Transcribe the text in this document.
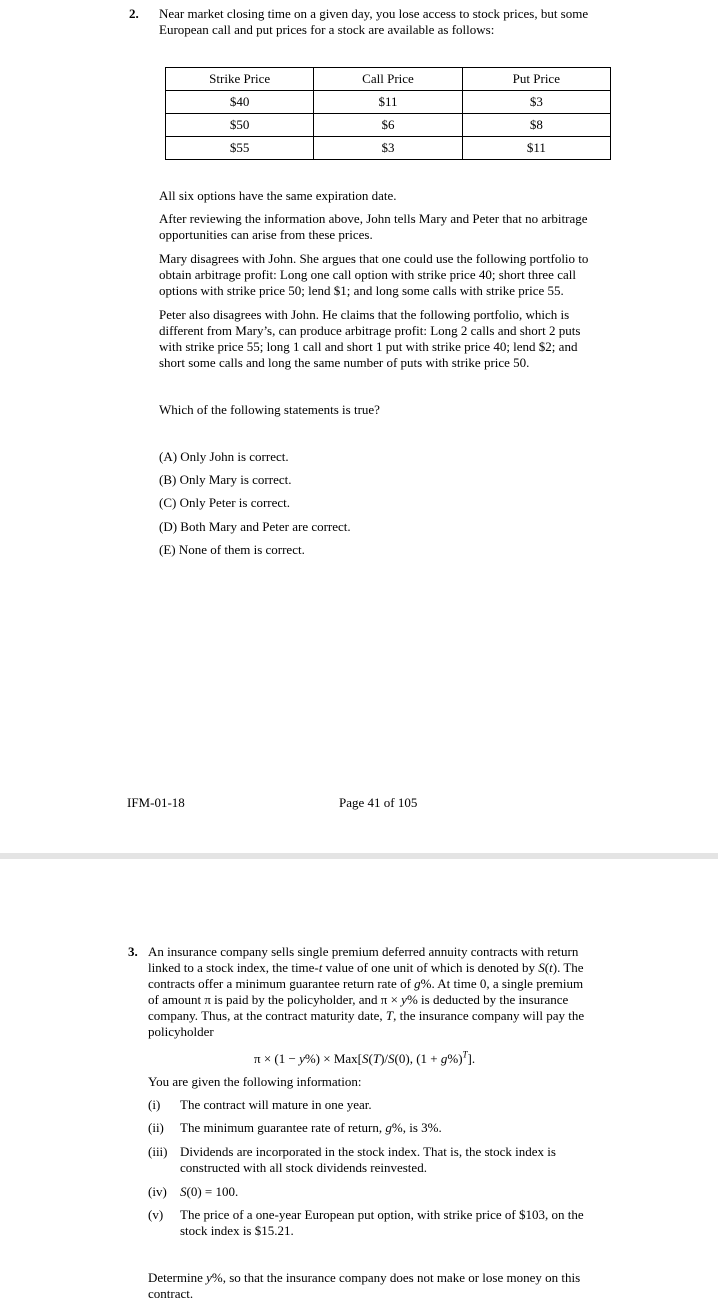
2. Near market closing time on a given day, you lose access to stock prices, but some

European call and put prices for a stock are available as follows:

Strike Price	Call Price	Put Price
$40	$11	$3
$50	$6	$8
$55	$3	$11
All six options have the same expiration date.

After reviewing the information above, John tells Mary and Peter that no arbitrage

opportunities can arise from these prices.

Mary disagrees with John. She argues that one could use the following portfolio to

obtain arbitrage profit: Long one call option with strike price 40; short three call

options with strike price 50; lend $1; and long some calls with strike price 55.

Peter also disagrees with John. He claims that the following portfolio, which is

different from Mary’s, can produce arbitrage profit: Long 2 calls and short 2 puts

with strike price 55; long 1 call and short 1 put with strike price 40; lend $2; and

short some calls and long the same number of puts with strike price 50.

Which of the following statements is true?
(A) Only John is correct.
(B) Only Mary is correct.
(C) Only Peter is correct.
(D) Both Mary and Peter are correct.
(E) None of them is correct.
IFM-01-18	Page 41 of 105
3. An insurance company sells single premium deferred annuity contracts with return

linked to a stock index, the time-t value of one unit of which is denoted by S(t). The

contracts offer a minimum guarantee return rate of g%. At time 0, a single premium

of amount π is paid by the policyholder, and π × y% is deducted by the insurance

company. Thus, at the contract maturity date, T, the insurance company will pay the

policyholder

π × (1 − y%) × Max[S(T)/S(0), $(1 + g\%)^T$].
You are given the following information:
(i) The contract will mature in one year.
(ii) The minimum guarantee rate of return, g%, is 3%.
(iii) Dividends are incorporated in the stock index. That is, the stock index is
constructed with all stock dividends reinvested.
(iv) S(0) = 100.
(v) The price of a one-year European put option, with strike price of $103, on the
stock index is $15.21.

Determine y%, so that the insurance company does not make or lose money on this

contract.
